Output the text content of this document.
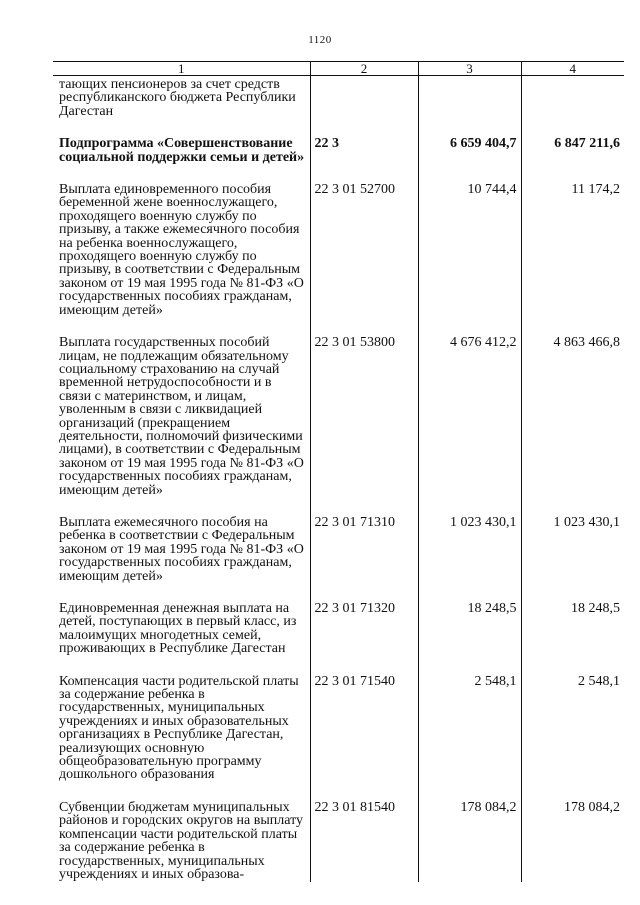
1120
1	2	3	4
тающих пенсионеров за счет средств республиканского бюджета Республики Дагестан			
Подпрограмма «Совершенствование социальной поддержки семьи и детей»	22 3	6 659 404,7	6 847 211,6
Выплата единовременного пособия беременной жене военнослужащего, проходящего военную службу по призыву, а также ежемесячного пособия на ребенка военнослужащего, проходящего военную службу по призыву, в соответствии с Федеральным законом от 19 мая 1995 года № 81-ФЗ «О государственных пособиях гражданам, имеющим детей»	22 3 01 52700	10 744,4	11 174,2
Выплата государственных пособий лицам, не подлежащим обязательному социальному страхованию на случай временной нетрудоспособности и в связи с материнством, и лицам, уволенным в связи с ликвидацией организаций (прекращением деятельности, полномочий физическими лицами), в соответствии с Федеральным законом от 19 мая 1995 года № 81-ФЗ «О государственных пособиях гражданам, имеющим детей»	22 3 01 53800	4 676 412,2	4 863 466,8
Выплата ежемесячного пособия на ребенка в соответствии с Федеральным законом от 19 мая 1995 года № 81-ФЗ «О государственных пособиях гражданам, имеющим детей»	22 3 01 71310	1 023 430,1	1 023 430,1
Единовременная денежная выплата на детей, поступающих в первый класс, из малоимущих многодетных семей, проживающих в Республике Дагестан	22 3 01 71320	18 248,5	18 248,5
Компенсация части родительской платы за содержание ребенка в государственных, муниципальных учреждениях и иных образовательных организациях в Республике Дагестан, реализующих основную общеобразовательную программу дошкольного образования	22 3 01 71540	2 548,1	2 548,1
Субвенции бюджетам муниципальных районов и городских округов на выплату компенсации части родительской платы за содержание ребенка в государственных, муниципальных учреждениях и иных образова-	22 3 01 81540	178 084,2	178 084,2
